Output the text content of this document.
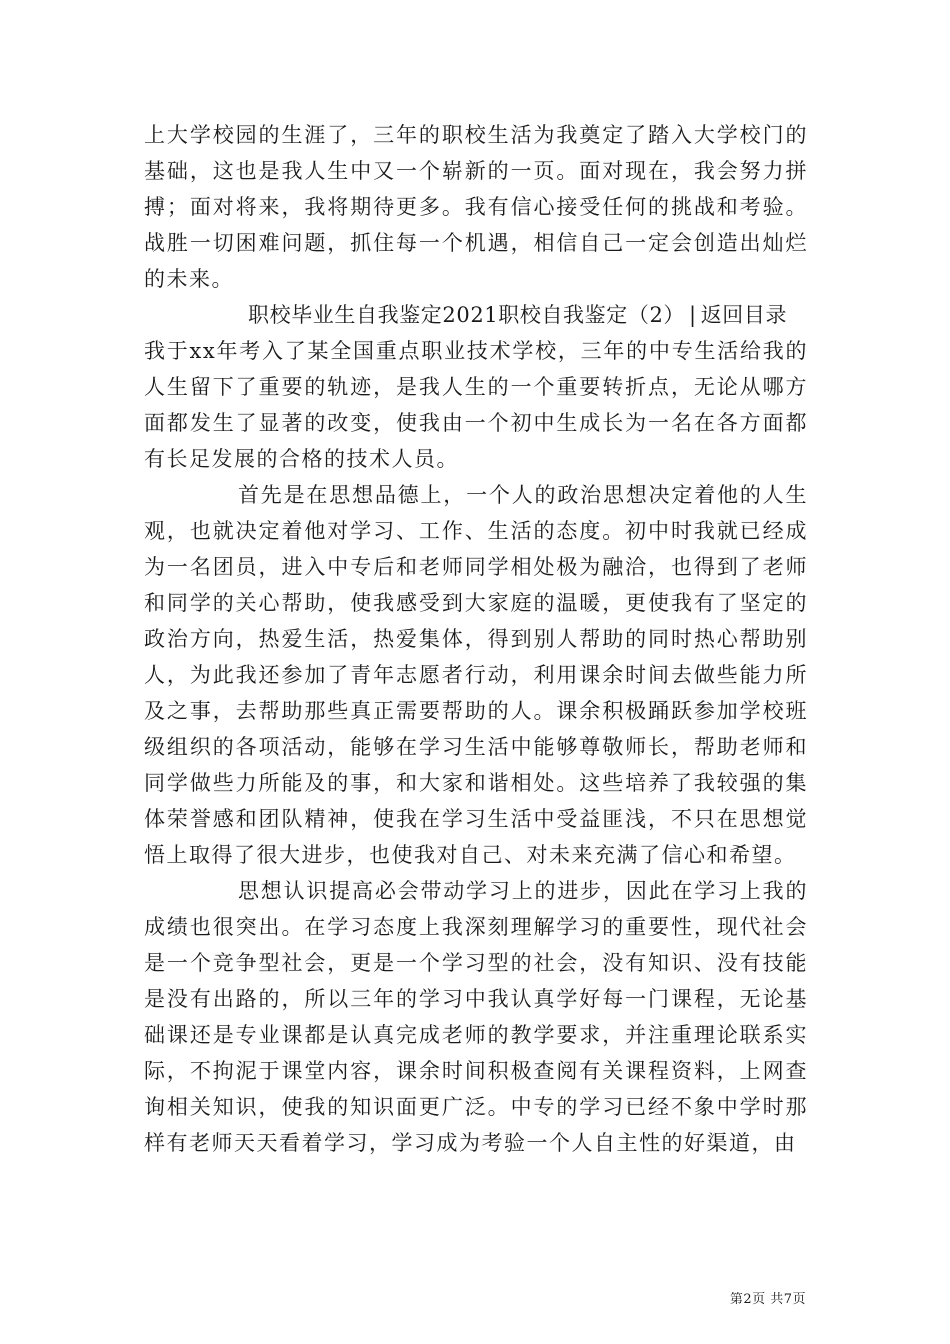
上大学校园的生涯了，三年的职校生活为我奠定了踏入大学校门的基础，这也是我人生中又一个崭新的一页。面对现在，我会努力拼搏；面对将来，我将期待更多。我有信心接受任何的挑战和考验。战胜一切困难问题，抓住每一个机遇，相信自己一定会创造出灿烂的未来。

职校毕业生自我鉴定2021职校自我鉴定（2） | 返回目录

我于xx年考入了某全国重点职业技术学校，三年的中专生活给我的人生留下了重要的轨迹，是我人生的一个重要转折点，无论从哪方面都发生了显著的改变，使我由一个初中生成长为一名在各方面都有长足发展的合格的技术人员。

首先是在思想品德上，一个人的政治思想决定着他的人生观，也就决定着他对学习、工作、生活的态度。初中时我就已经成为一名团员，进入中专后和老师同学相处极为融洽，也得到了老师和同学的关心帮助，使我感受到大家庭的温暖，更使我有了坚定的政治方向，热爱生活，热爱集体，得到别人帮助的同时热心帮助别人，为此我还参加了青年志愿者行动，利用课余时间去做些能力所及之事，去帮助那些真正需要帮助的人。课余积极踊跃参加学校班级组织的各项活动，能够在学习生活中能够尊敬师长，帮助老师和同学做些力所能及的事，和大家和谐相处。这些培养了我较强的集体荣誉感和团队精神，使我在学习生活中受益匪浅，不只在思想觉悟上取得了很大进步，也使我对自己、对未来充满了信心和希望。

思想认识提高必会带动学习上的进步，因此在学习上我的成绩也很突出。在学习态度上我深刻理解学习的重要性，现代社会是一个竞争型社会，更是一个学习型的社会，没有知识、没有技能是没有出路的，所以三年的学习中我认真学好每一门课程，无论基础课还是专业课都是认真完成老师的教学要求，并注重理论联系实际，不拘泥于课堂内容，课余时间积极查阅有关课程资料，上网查询相关知识，使我的知识面更广泛。中专的学习已经不象中学时那样有老师天天看着学习，学习成为考验一个人自主性的好渠道，由

第2页 共7页
